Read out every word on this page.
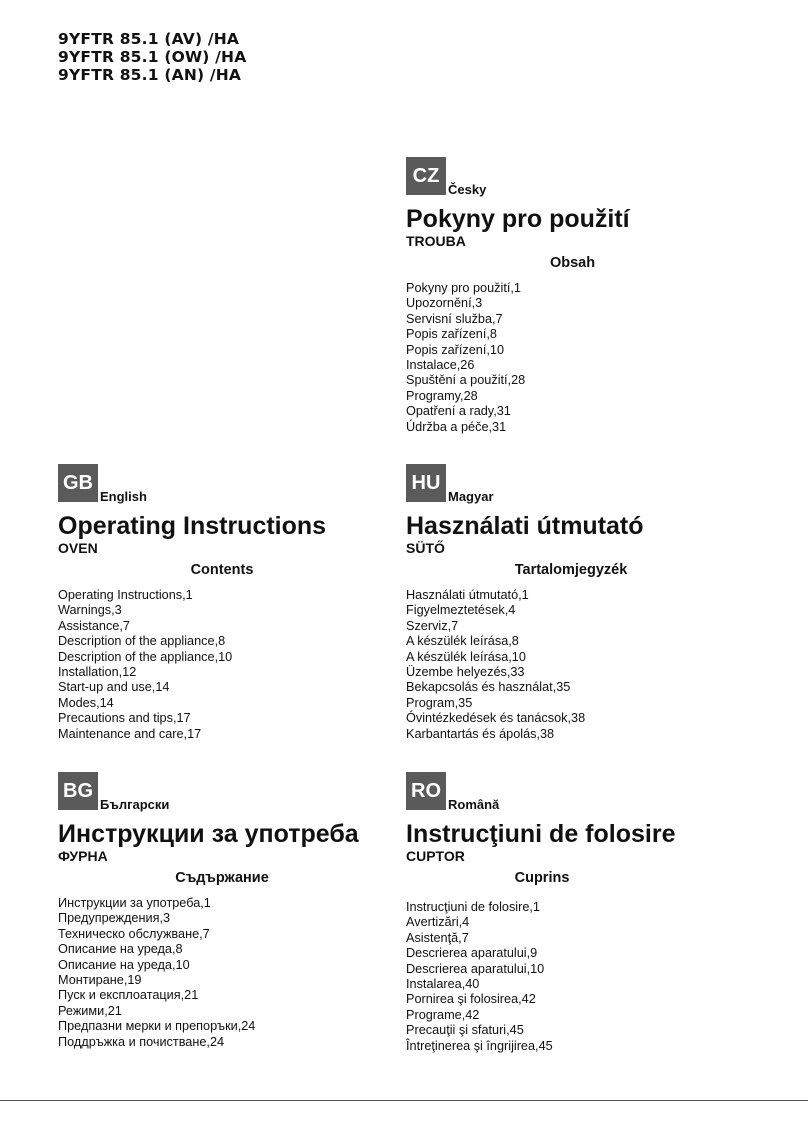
9YFTR 85.1 (AV) /HA
9YFTR 85.1 (OW) /HA
9YFTR 85.1 (AN) /HA
CZ
Česky
Pokyny pro použití
TROUBA
Obsah
Pokyny pro použití,1
Upozornění,3
Servisní služba,7
Popis zařízení,8
Popis zařízení,10
Instalace,26
Spuštění a použití,28
Programy,28
Opatření a rady,31
Údržba a péče,31
GB
English
Operating Instructions
OVEN
Contents
Operating Instructions,1
Warnings,3
Assistance,7
Description of the appliance,8
Description of the appliance,10
Installation,12
Start-up and use,14
Modes,14
Precautions and tips,17
Maintenance and care,17
HU
Magyar
Használati útmutató
SÜTŐ
Tartalomjegyzék
Használati útmutató,1
Figyelmeztetések,4
Szerviz,7
A készülék leírása,8
A készülék leírása,10
Üzembe helyezés,33
Bekapcsolás és használat,35
Program,35
Óvintézkedések és tanácsok,38
Karbantartás és ápolás,38
BG
Български
Инструкции за употреба
ФУРНА
Съдържание
Инструкции за употреба,1
Предупреждения,3
Техническо обслужване,7
Описание на уреда,8
Описание на уреда,10
Монтиране,19
Пуск и експлоатация,21
Режими,21
Предпазни мерки и препоръки,24
Поддръжка и почистване,24
RO
Română
Instrucţiuni de folosire
CUPTOR
Cuprins
Instrucţiuni de folosire,1
Avertizări,4
Asistenţă,7
Descrierea aparatului,9
Descrierea aparatului,10
Instalarea,40
Pornirea şi folosirea,42
Programe,42
Precauţii şi sfaturi,45
Întreţinerea şi îngrijirea,45
